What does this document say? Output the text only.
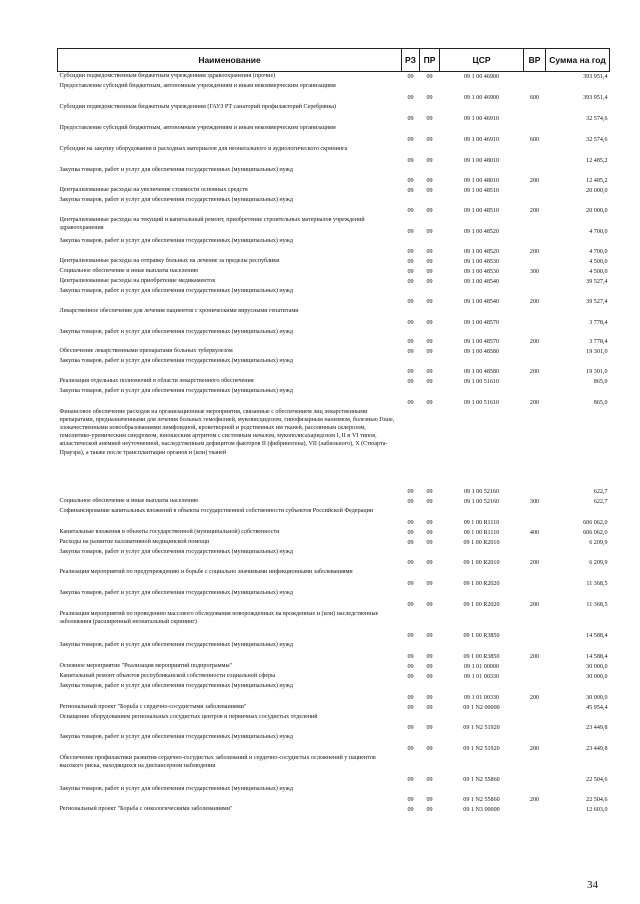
Наименование	РЗ	ПР	ЦСР	ВР	Сумма на год
Субсидии подведомственным бюджетным учреждениям здравоохранения (прочие)	09	09	09 1 00 46900		393 951,4
Предоставление субсидий бюджетным, автономным учреждениям и иным некоммерческим организациям	09	09	09 1 00 46900	600	393 951,4
Субсидии подведомственным бюджетным учреждениям (ГАУЗ РТ санаторий профилакторий Серебрянка)	09	09	09 1 00 46910		32 574,6
Предоставление субсидий бюджетным, автономным учреждениям и иным некоммерческим организациям	09	09	09 1 00 46910	600	32 574,6
Субсидии на закупку оборудования и расходных материалов для неонатального и аудиологического скрининга	09	09	09 1 00 48010		12 485,2
Закупка товаров, работ и услуг для обеспечения государственных (муниципальных) нужд	09	09	09 1 00 48010	200	12 485,2
Централизованные расходы на увеличение стоимости основных средств	09	09	09 1 00 48510		20 000,0
Закупка товаров, работ и услуг для обеспечения государственных (муниципальных) нужд	09	09	09 1 00 48510	200	20 000,0
Централизованные расходы на текущий и капитальный ремонт, приобретение строительных материалов учреждений здравоохранения	09	09	09 1 00 48520		4 700,0
Закупка товаров, работ и услуг для обеспечения государственных (муниципальных) нужд	09	09	09 1 00 48520	200	4 700,0
Централизованные расходы на отправку больных на лечение за пределы республики	09	09	09 1 00 48530		4 500,0
Социальное обеспечение и иные выплаты населению	09	09	09 1 00 48530	300	4 500,0
Централизованные расходы на приобретение медикаментов	09	09	09 1 00 48540		39 527,4
Закупка товаров, работ и услуг для обеспечения государственных (муниципальных) нужд	09	09	09 1 00 48540	200	39 527,4
Лекарственное обеспечение для лечения пациентов с хроническими вирусными гепатитами	09	09	09 1 00 48570		3 778,4
Закупка товаров, работ и услуг для обеспечения государственных (муниципальных) нужд	09	09	09 1 00 48570	200	3 778,4
Обеспечение лекарственными препаратами больных туберкулезом	09	09	09 1 00 48580		19 301,0
Закупка товаров, работ и услуг для обеспечения государственных (муниципальных) нужд	09	09	09 1 00 48580	200	19 301,0
Реализация отдельных полномочий в области лекарственного обеспечения	09	09	09 1 00 51610		865,0
Закупка товаров, работ и услуг для обеспечения государственных (муниципальных) нужд	09	09	09 1 00 51610	200	865,0
Финансовое обеспечение расходов на организационные мероприятия, связанные с обеспечением лиц лекарственными препаратами, предназначенными для лечения больных гемофилией, муковисцидозом, гипофизарным нанизмом, болезнью Гоше, злокачественными новообразованиями лимфоидной, кроветворной и родственных им тканей, рассеянным склерозом, гемолитико-уремическим синдромом, юношеским артритом с системным началом, мукополисахаридозом I, II и VI типов, апластической анемией неуточненной, наследственным дефицитом факторов II (фибриногена), VII (лабильного), X (Стюарта-Прауэра), а также после трансплантации органов и (или) тканей	09	09	09 1 00 52160		622,7
Социальное обеспечение и иные выплаты населению	09	09	09 1 00 52160	300	622,7
Софинансирование капитальных вложений в объекты государственной собственности субъектов Российской Федерации	09	09	09 1 00 R1110		606 062,0
Капитальные вложения в объекты государственной (муниципальной) собственности	09	09	09 1 00 R1110	400	606 062,0
Расходы на развитие паллиативной медицинской помощи	09	09	09 1 00 R2010		6 209,9
Закупка товаров, работ и услуг для обеспечения государственных (муниципальных) нужд	09	09	09 1 00 R2010	200	6 209,9
Реализация мероприятий по предупреждению и борьбе с социально значимыми инфекционными заболеваниями	09	09	09 1 00 R2020		11 368,5
Закупка товаров, работ и услуг для обеспечения государственных (муниципальных) нужд	09	09	09 1 00 R2020	200	11 368,5
Реализация мероприятий по проведению массового обследования новорожденных на врожденные и (или) наследственные заболевания (расширенный неонатальный скрининг)	09	09	09 1 00 R3850		14 588,4
Закупка товаров, работ и услуг для обеспечения государственных (муниципальных) нужд	09	09	09 1 00 R3850	200	14 588,4
Основное мероприятие "Реализация мероприятий подпрограммы"	09	09	09 1 01 00000		30 000,0
Капитальный ремонт объектов республиканской собственности социальной сферы	09	09	09 1 01 00330		30 000,0
Закупка товаров, работ и услуг для обеспечения государственных (муниципальных) нужд	09	09	09 1 01 00330	200	30 000,0
Региональный проект "Борьба с сердечно-сосудистыми заболеваниями"	09	09	09 1 N2 00000		45 954,4
Оснащение оборудованием региональных сосудистых центров и первичных сосудистых отделений	09	09	09 1 N2 51920		23 449,8
Закупка товаров, работ и услуг для обеспечения государственных (муниципальных) нужд	09	09	09 1 N2 51920	200	23 449,8
Обеспечение профилактики развития сердечно-сосудистых заболеваний и сердечно-сосудистых осложнений у пациентов высокого риска, находящихся на диспансерном наблюдении	09	09	09 1 N2 55860		22 504,6
Закупка товаров, работ и услуг для обеспечения государственных (муниципальных) нужд	09	09	09 1 N2 55860	200	22 504,6
Региональный проект "Борьба с онкологическими заболеваниями"	09	09	09 1 N3 00000		12 603,0
34
